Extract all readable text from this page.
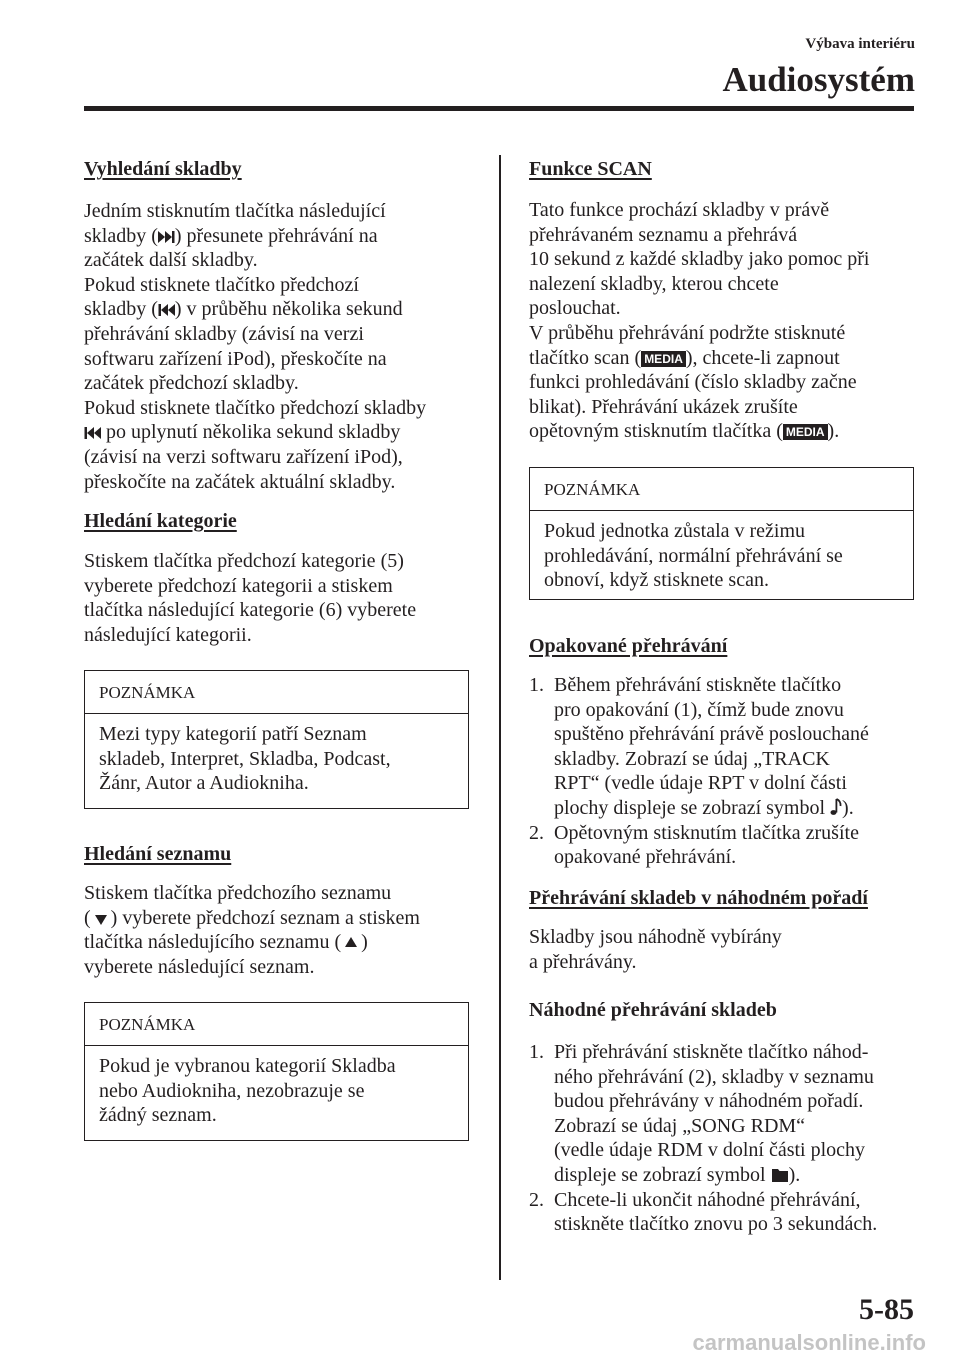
Výbava interiéru
Audiosystém
Vyhledání skladby
Jedním stisknutím tlačítka následující
skladby ( ) přesunete přehrávání na
začátek další skladby.
Pokud stisknete tlačítko předchozí
skladby ( ) v průběhu několika sekund
přehrávání skladby (závisí na verzi
softwaru zařízení iPod), přeskočíte na
začátek předchozí skladby.
Pokud stisknete tlačítko předchozí skladby
po uplynutí několika sekund skladby
(závisí na verzi softwaru zařízení iPod),
přeskočíte na začátek aktuální skladby.
Hledání kategorie
Stiskem tlačítka předchozí kategorie (5)
vyberete předchozí kategorii a stiskem
tlačítka následující kategorie (6) vyberete
následující kategorii.
POZNÁMKA
Mezi typy kategorií patří Seznam
skladeb, Interpret, Skladba, Podcast,
Žánr, Autor a Audiokniha.
Hledání seznamu
Stiskem tlačítka předchozího seznamu
( ) vyberete předchozí seznam a stiskem
tlačítka následujícího seznamu ( )
vyberete následující seznam.
POZNÁMKA
Pokud je vybranou kategorií Skladba
nebo Audiokniha, nezobrazuje se
žádný seznam.
Funkce SCAN
Tato funkce prochází skladby v právě
přehrávaném seznamu a přehrává
10 sekund z každé skladby jako pomoc při
nalezení skladby, kterou chcete
poslouchat.
V průběhu přehrávání podržte stisknuté
tlačítko scan ( MEDIA ), chcete-li zapnout
funkci prohledávání (číslo skladby začne
blikat). Přehrávání ukázek zrušíte
opětovným stisknutím tlačítka ( MEDIA ).
POZNÁMKA
Pokud jednotka zůstala v režimu
prohledávání, normální přehrávání se
obnoví, když stisknete scan.
Opakované přehrávání
1. Během přehrávání stiskněte tlačítko
pro opakování (1), čímž bude znovu
spuštěno přehrávání právě poslouchané
skladby. Zobrazí se údaj „TRACK
RPT“ (vedle údaje RPT v dolní části
plochy displeje se zobrazí symbol ).
2. Opětovným stisknutím tlačítka zrušíte
opakované přehrávání.
Přehrávání skladeb v náhodném pořadí
Skladby jsou náhodně vybírány
a přehrávány.
Náhodné přehrávání skladeb
1. Při přehrávání stiskněte tlačítko náhod-
ného přehrávání (2), skladby v seznamu
budou přehrávány v náhodném pořadí.
Zobrazí se údaj „SONG RDM“
(vedle údaje RDM v dolní části plochy
displeje se zobrazí symbol ).
2. Chcete-li ukončit náhodné přehrávání,
stiskněte tlačítko znovu po 3 sekundách.
5-85
carmanualsonline.info
